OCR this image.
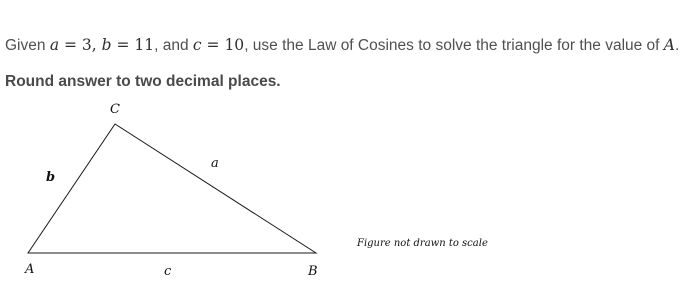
Given a = 3, b = 11, and c = 10, use the Law of Cosines to solve the triangle for the value of A.
Round answer to two decimal places.
C
b
a
A	c	B
Figure not drawn to scale
